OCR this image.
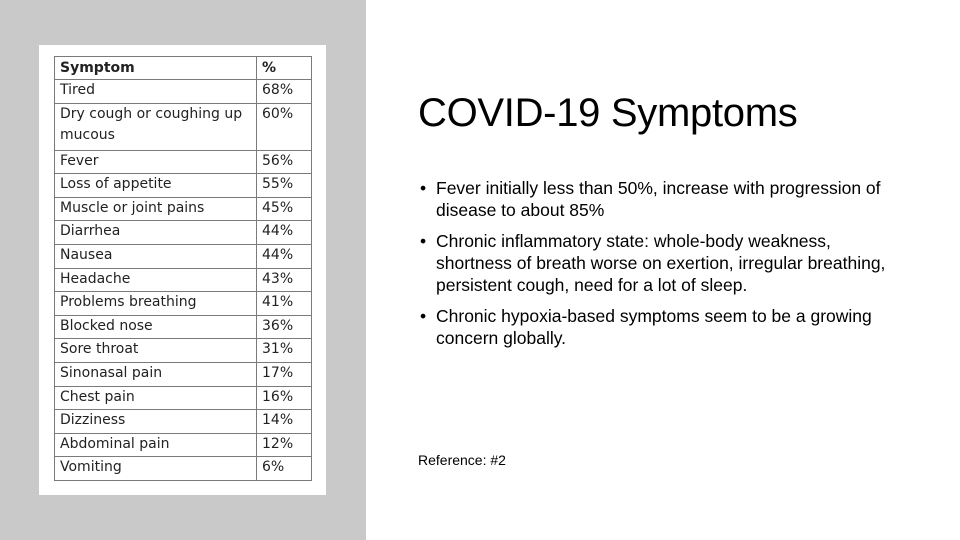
Symptom	%
Tired	68%
Dry cough or coughing up mucous	60%
Fever	56%
Loss of appetite	55%
Muscle or joint pains	45%
Diarrhea	44%
Nausea	44%
Headache	43%
Problems breathing	41%
Blocked nose	36%
Sore throat	31%
Sinonasal pain	17%
Chest pain	16%
Dizziness	14%
Abdominal pain	12%
Vomiting	6%
COVID-19 Symptoms
• Fever initially less than 50%, increase with progression of disease to about 85%
• Chronic inflammatory state: whole-body weakness, shortness of breath worse on exertion, irregular breathing, persistent cough, need for a lot of sleep.
• Chronic hypoxia-based symptoms seem to be a growing concern globally.
Reference: #2
